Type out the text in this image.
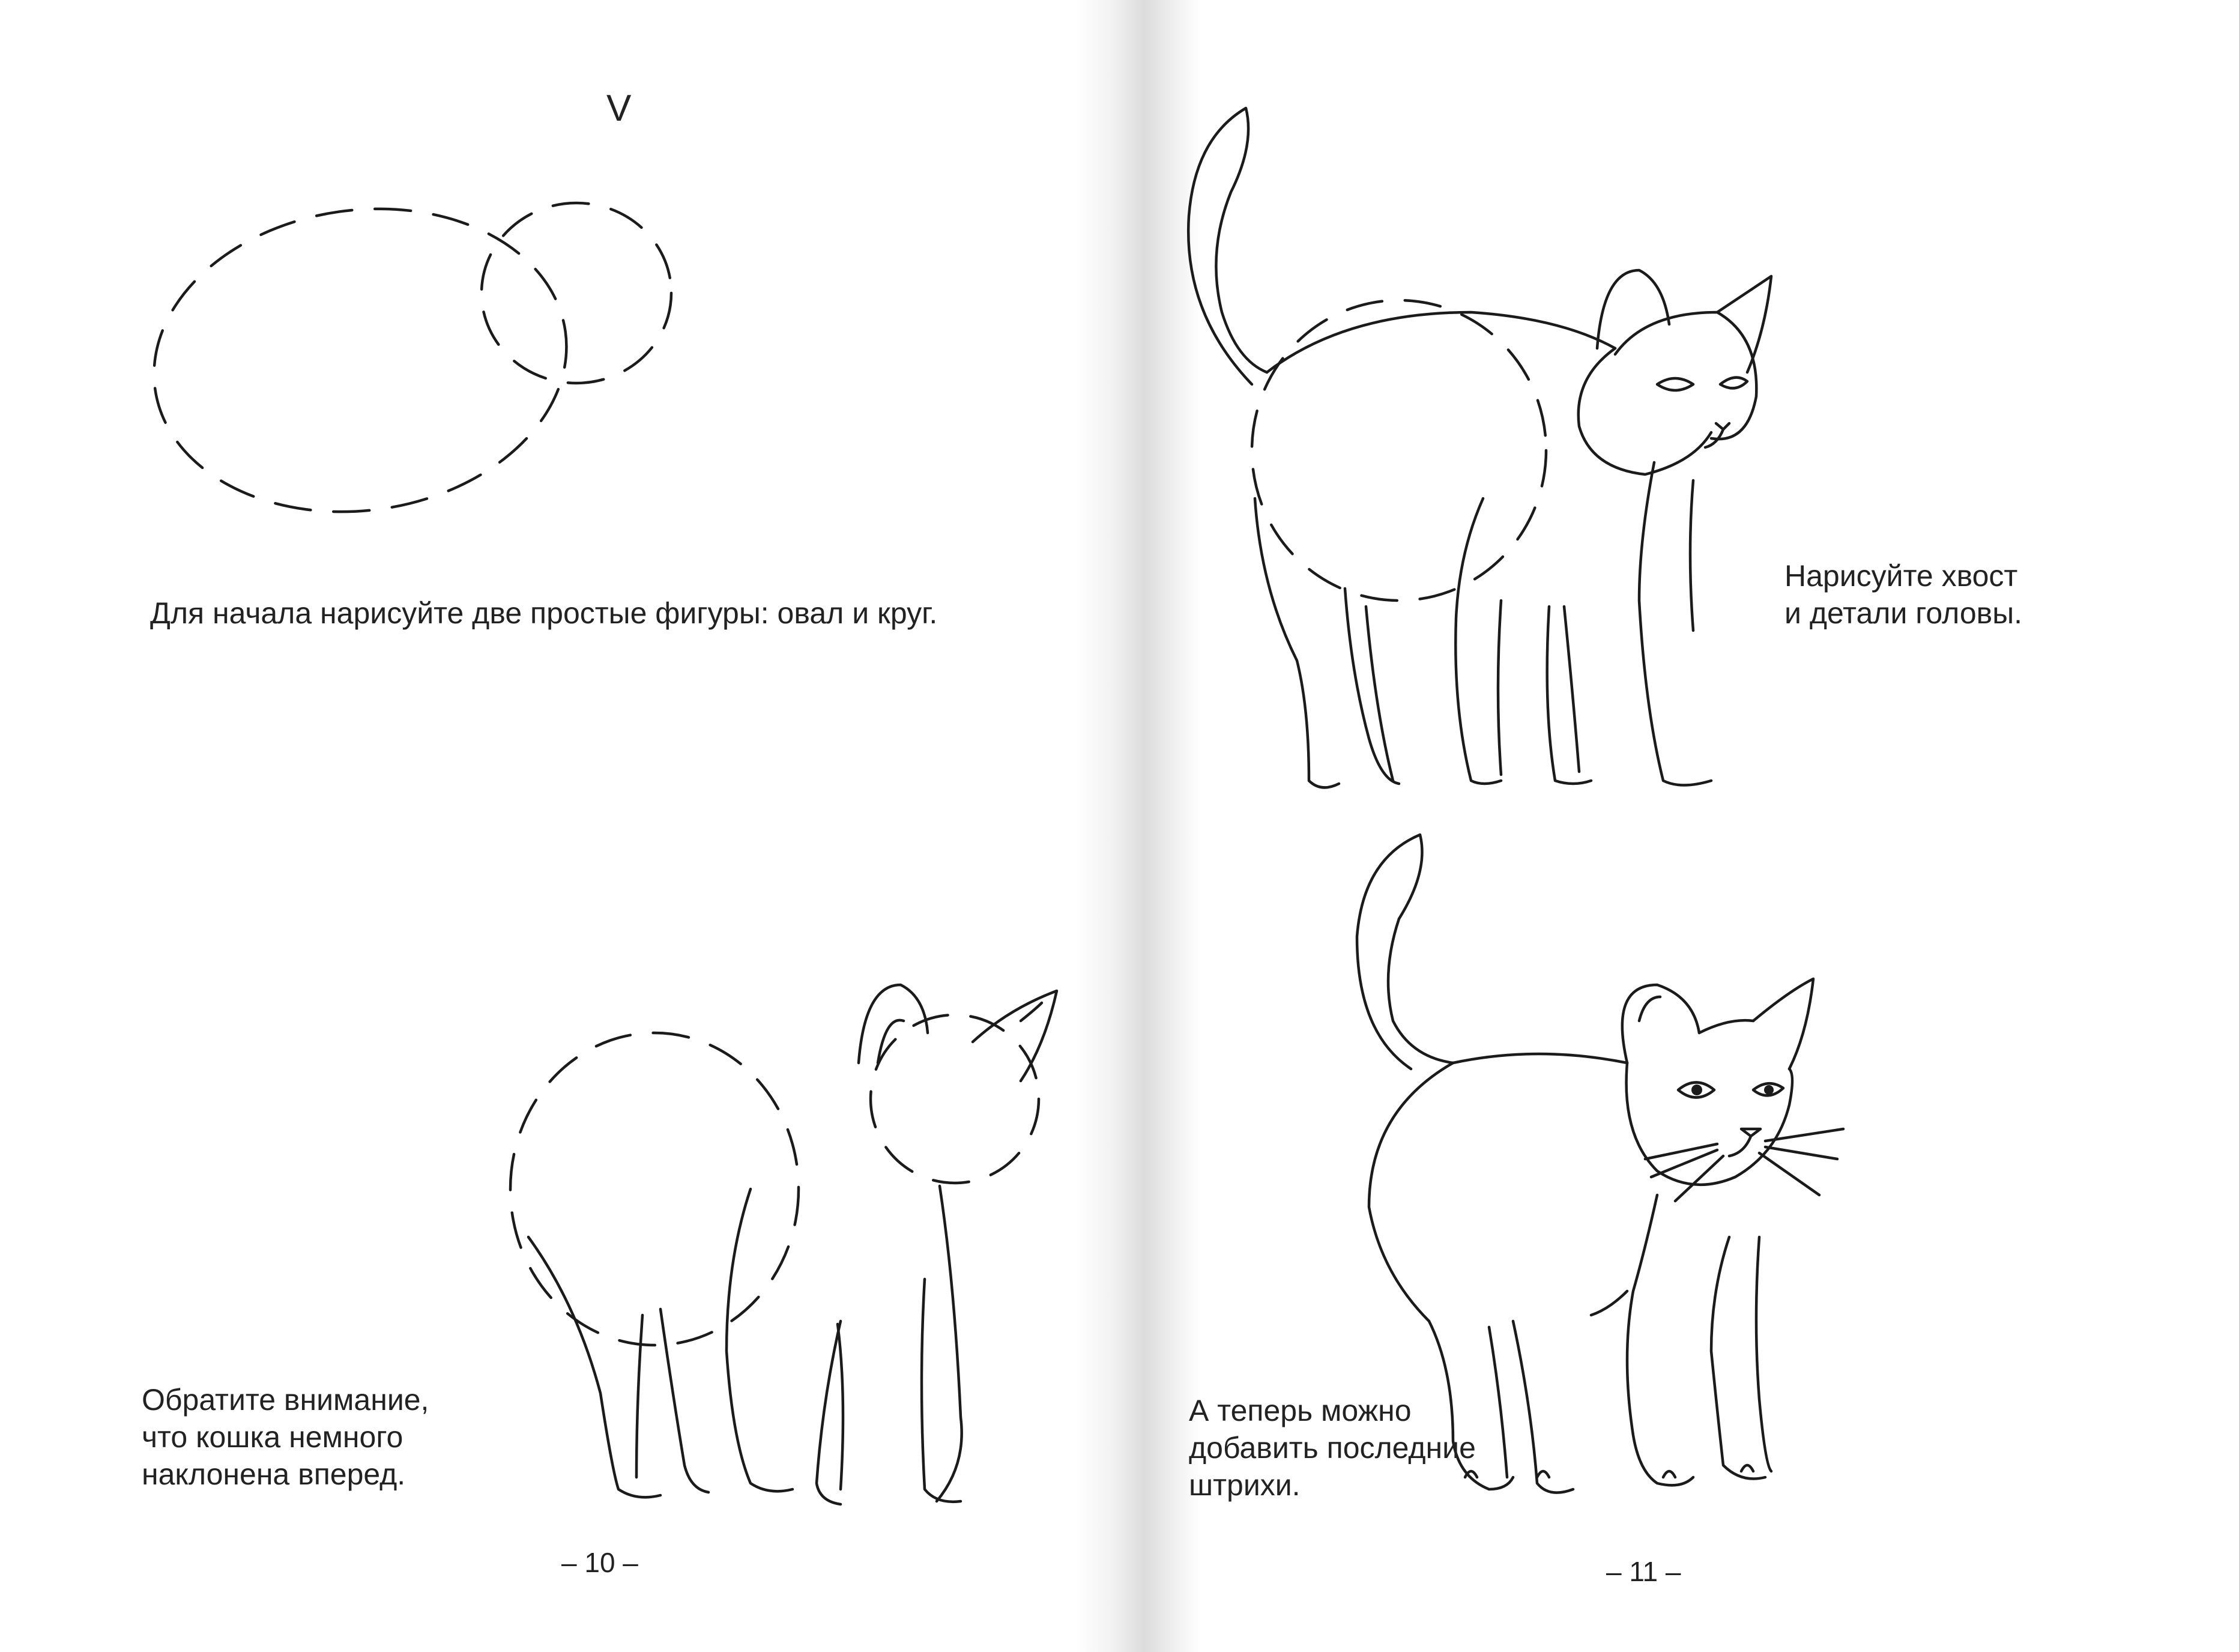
V
Для начала нарисуйте две простые фигуры: овал и круг.
Обратите внимание,
что кошка немного
наклонена вперед.
– 10 –
Нарисуйте хвост
и детали головы.
А теперь можно
добавить последние
штрихи.
– 11 –
